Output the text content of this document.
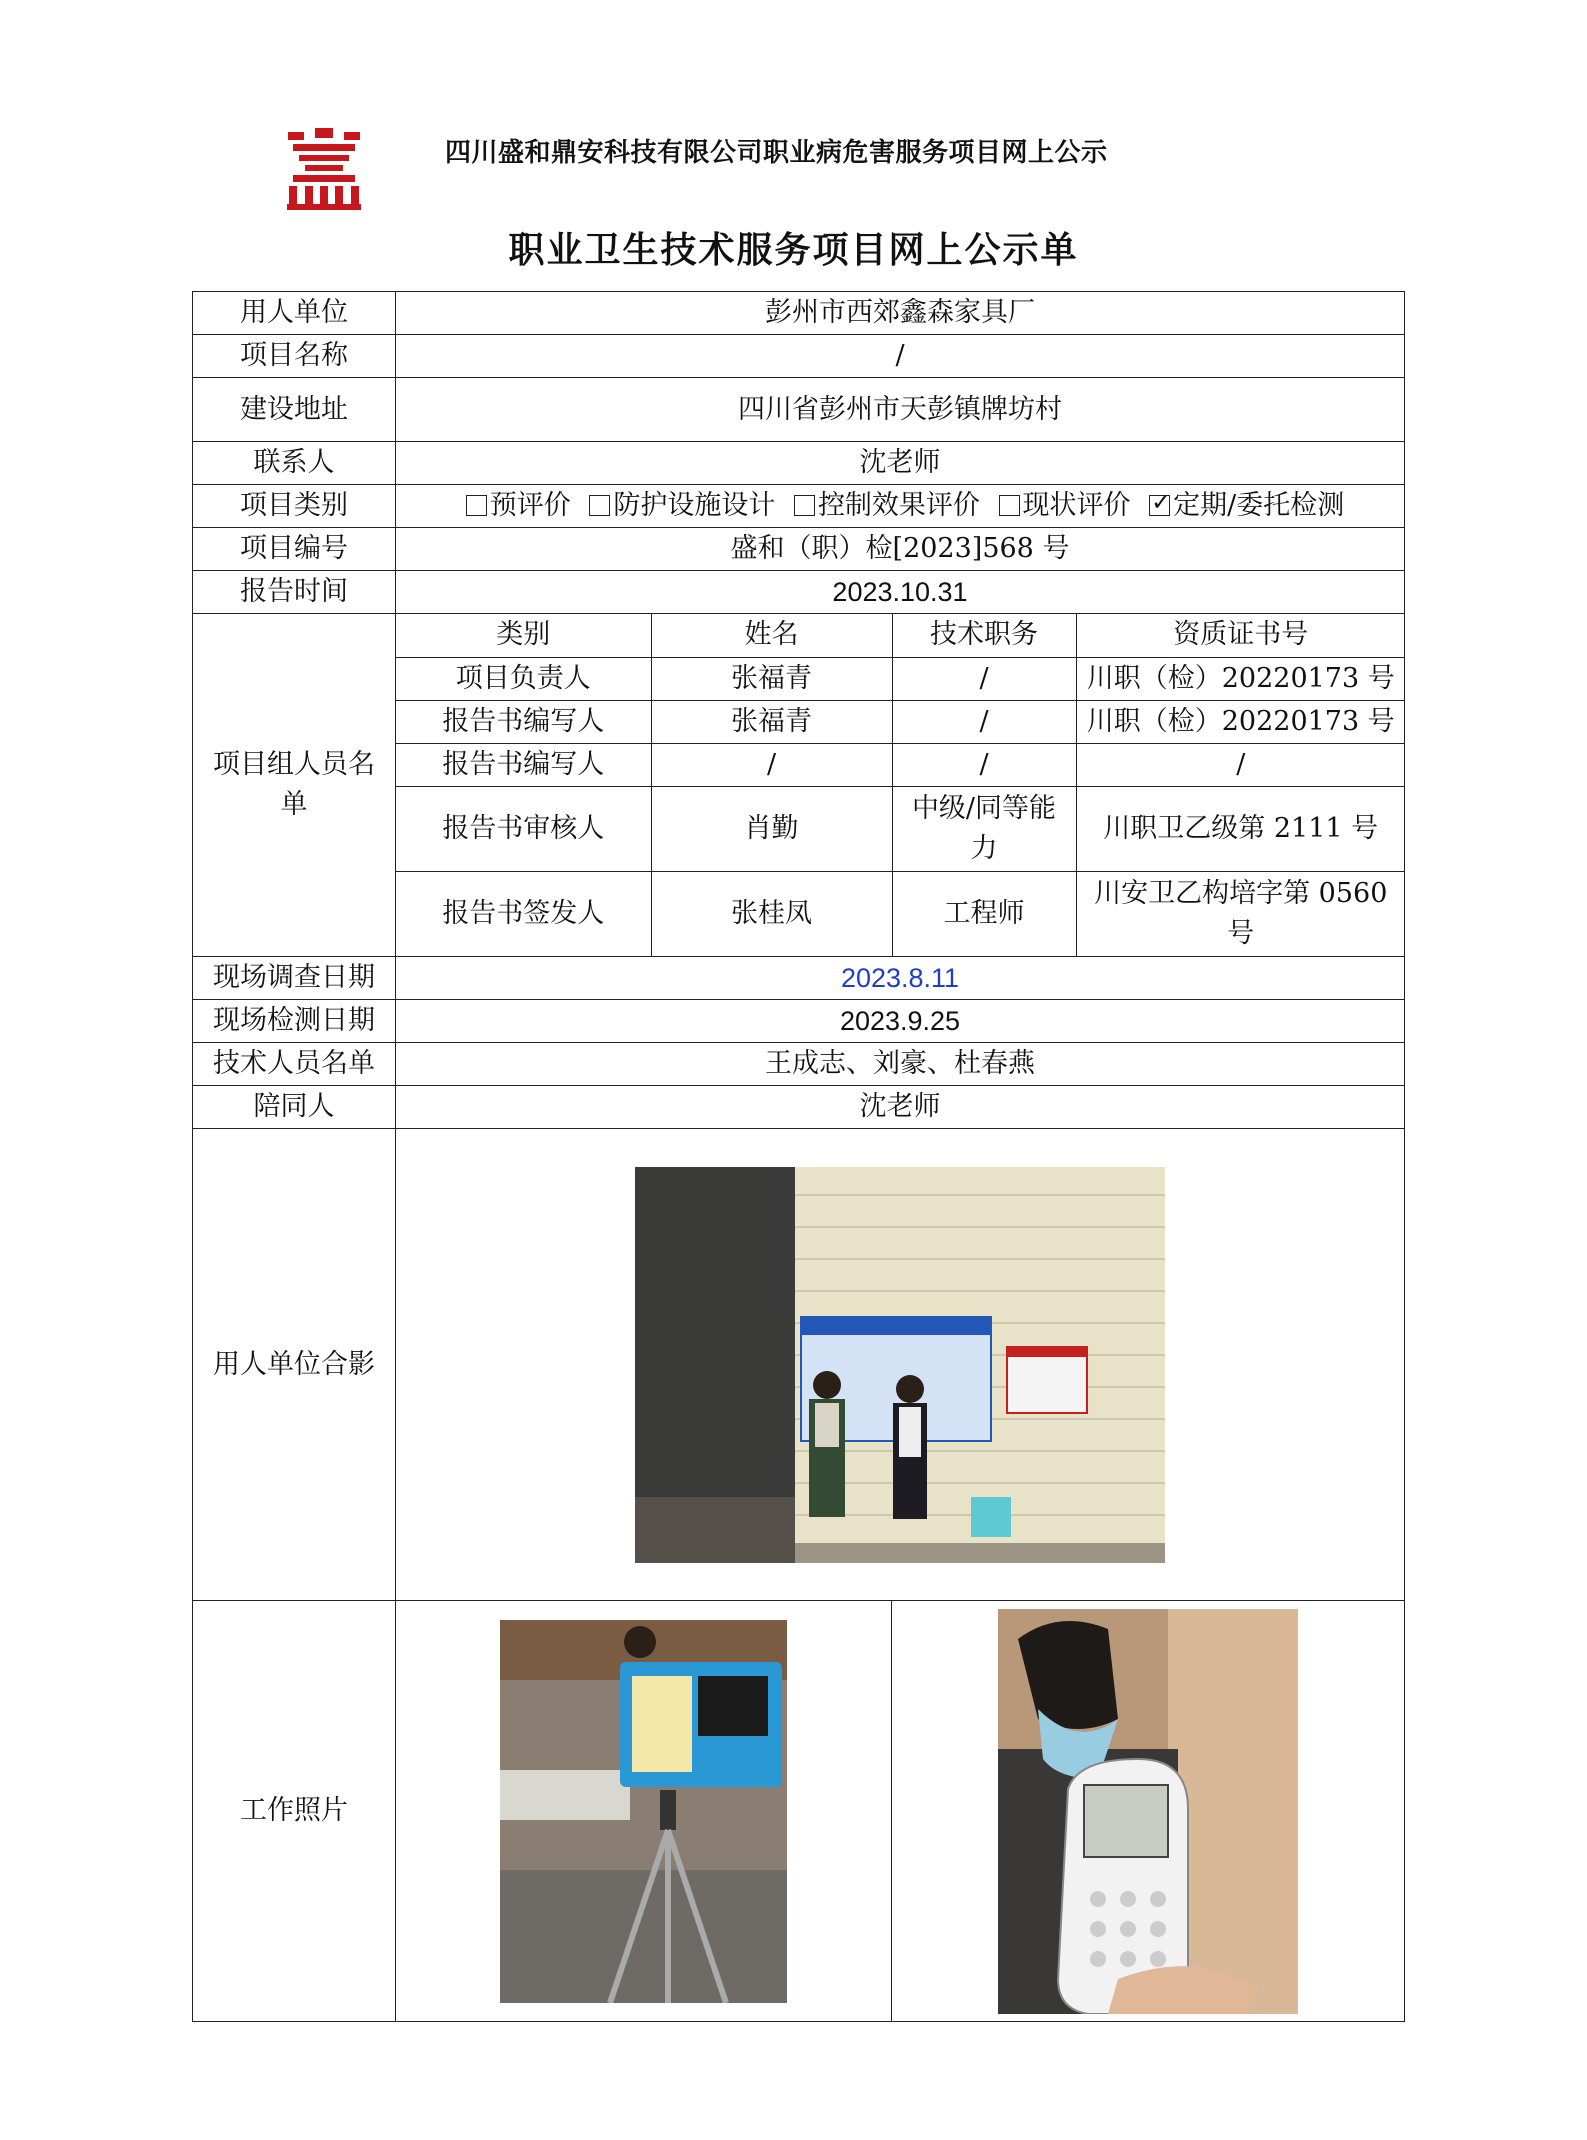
四川盛和鼎安科技有限公司职业病危害服务项目网上公示
职业卫生技术服务项目网上公示单
用人单位	彭州市西郊鑫森家具厂
项目名称	/
建设地址	四川省彭州市天彭镇牌坊村
联系人	沈老师
项目类别	预评价 防护设施设计 控制效果评价 现状评价 ✓ 定期/委托检测
项目编号	盛和（职）检[2023]568 号
报告时间	2023.10.31
项目组人员名单	
类别	姓名	技术职务	资质证书号
项目负责人	张福青	/	川职（检）20220173 号
报告书编写人	张福青	/	川职（检）20220173 号
报告书编写人	/	/	/
报告书审核人	肖勤	中级/同等能力	川职卫乙级第 2111 号
报告书签发人	张桂凤	工程师	川安卫乙构培字第 0560 号

现场调查日期	2023.8.11
现场检测日期	2023.9.25
技术人员名单	王成志、刘豪、杜春燕
陪同人	沈老师
用人单位合影	

工作照片	
